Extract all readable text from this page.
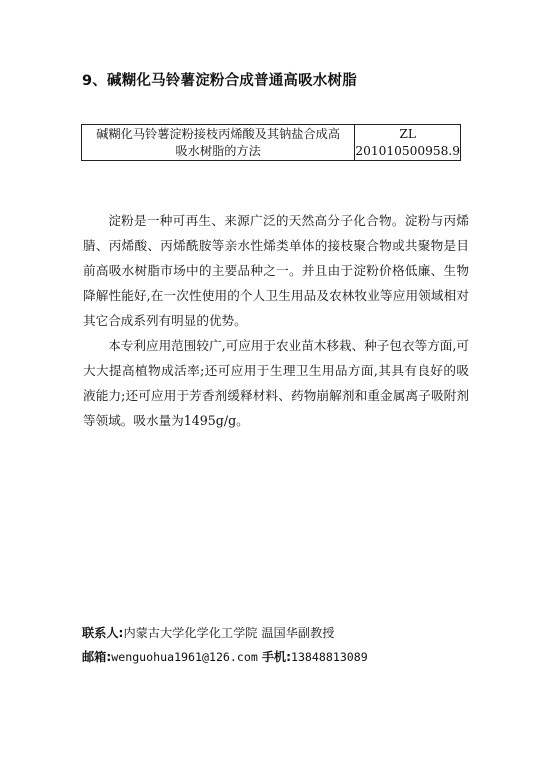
9、碱糊化马铃薯淀粉合成普通高吸水树脂
碱糊化马铃薯淀粉接枝丙烯酸及其钠盐合成高
吸水树脂的方法
ZL
201010500958.9

淀粉是一种可再生、来源广泛的天然高分子化合物。淀粉与丙烯腈、丙烯酸、丙烯酰胺等亲水性烯类单体的接枝聚合物或共聚物是目前高吸水树脂市场中的主要品种之一。并且由于淀粉价格低廉、生物降解性能好,在一次性使用的个人卫生用品及农林牧业等应用领域相对其它合成系列有明显的优势。

本专利应用范围较广,可应用于农业苗木移栽、种子包衣等方面,可大大提高植物成活率;还可应用于生理卫生用品方面,其具有良好的吸液能力;还可应用于芳香剂缓释材料、药物崩解剂和重金属离子吸附剂等领域。吸水量为1495g/g。

联系人:内蒙古大学化学化工学院 温国华副教授
邮箱:wenguohua1961@126.com 手机:13848813089
